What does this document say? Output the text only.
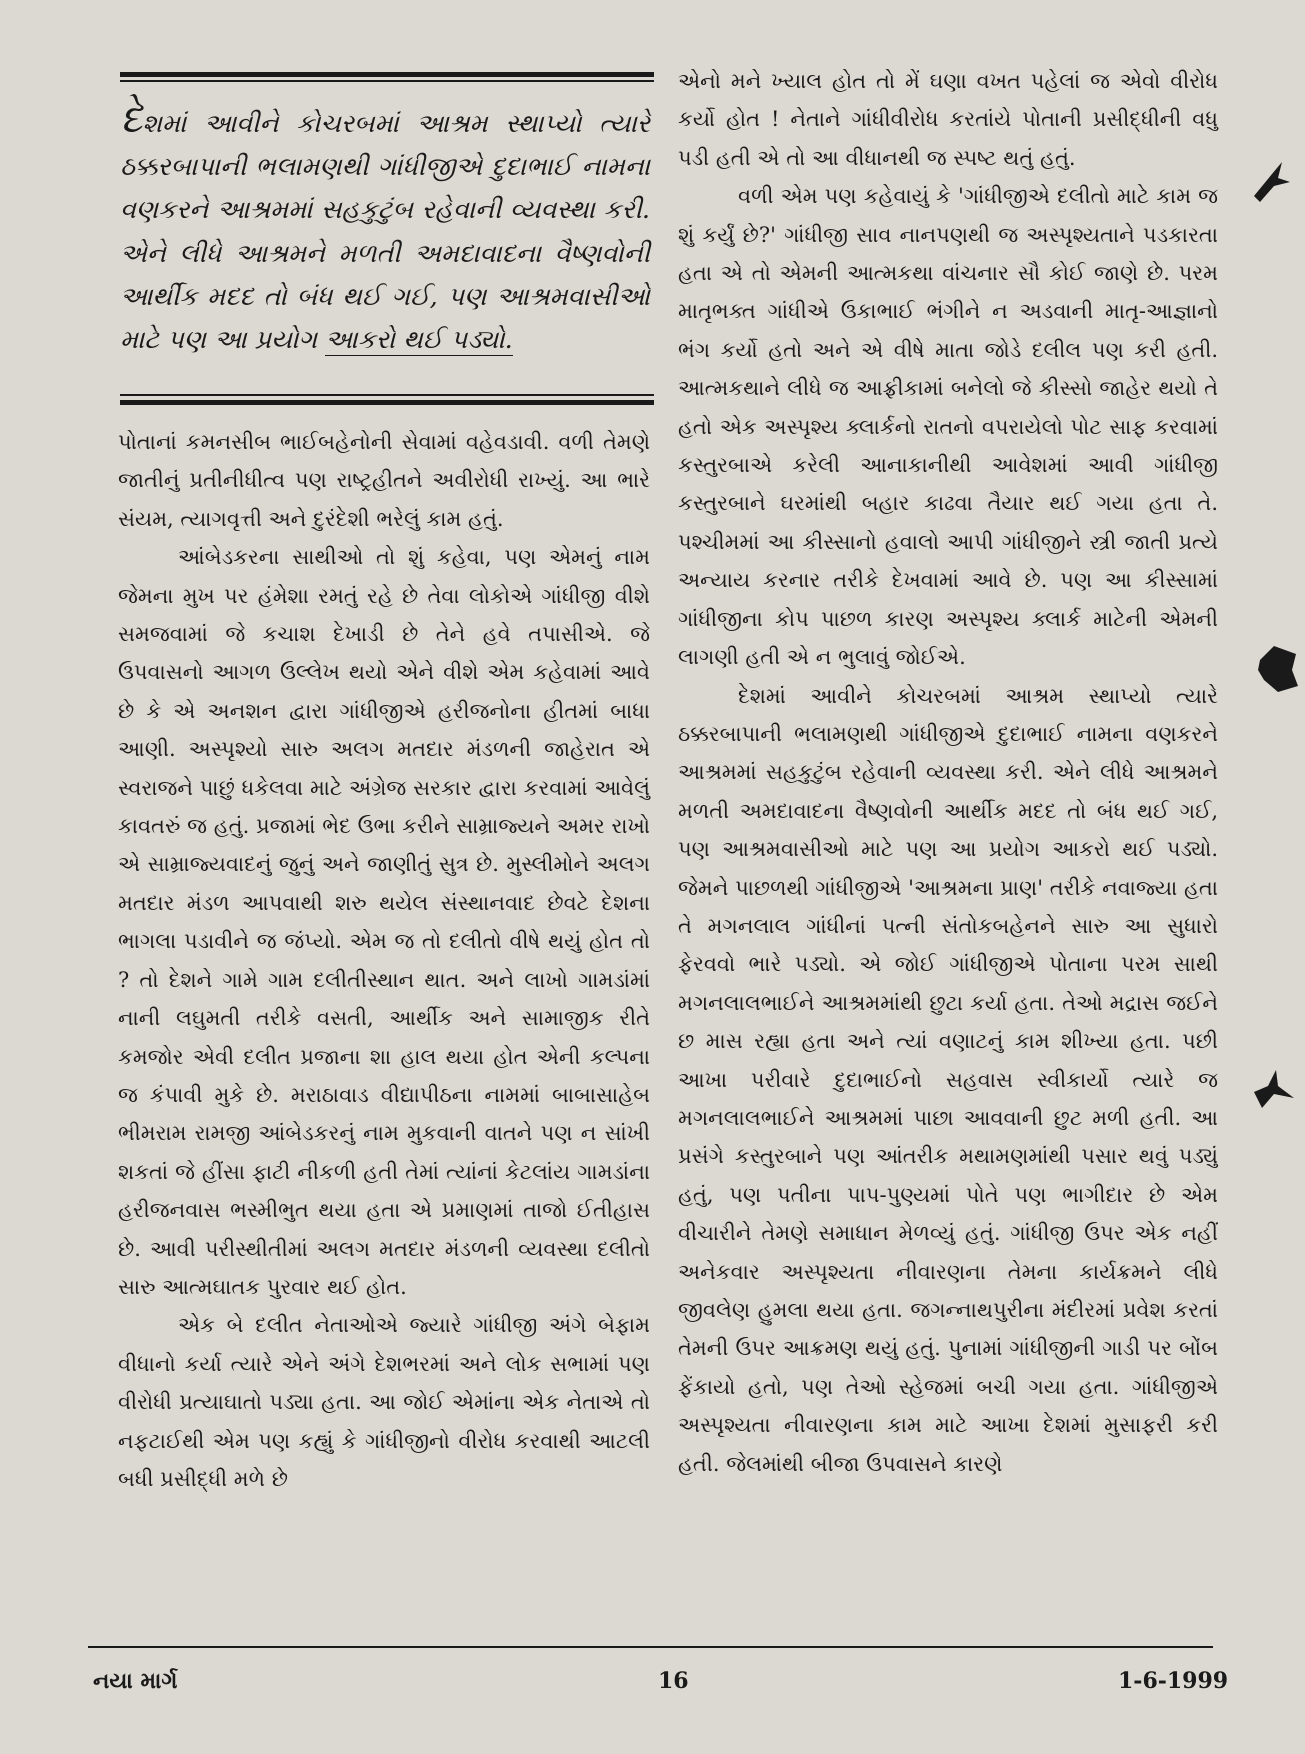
દેશમાં આવીને કોચરબમાં આશ્રમ સ્થાપ્યો ત્યારે ઠક્કરબાપાની ભલામણથી ગાંધીજીએ દુદાભાઈ નામના વણકરને આશ્રમમાં સહકુટુંબ રહેવાની વ્યવસ્થા કરી. એને લીધે આશ્રમને મળતી અમદાવાદના વૈષ્ણવોની આર્થીક મદદ તો બંધ થઈ ગઈ, પણ આશ્રમવાસીઓ માટે પણ આ પ્રયોગ આકરો થઈ પડ્યો.

પોતાનાં કમનસીબ ભાઈબહેનોની સેવામાં વહેવડાવી. વળી તેમણે જાતીનું પ્રતીનીધીત્વ પણ રાષ્ટ્રહીતને અવીરોધી રાખ્યું. આ ભારે સંયમ, ત્યાગવૃત્તી અને દુરંદેશી ભરેલું કામ હતું.

આંબેડકરના સાથીઓ તો શું કહેવા, પણ એમનું નામ જેમના મુખ પર હંમેશા રમતું રહે છે તેવા લોકોએ ગાંધીજી વીશે સમજવામાં જે કચાશ દેખાડી છે તેને હવે તપાસીએ. જે ઉપવાસનો આગળ ઉલ્લેખ થયો એને વીશે એમ કહેવામાં આવે છે કે એ અનશન દ્વારા ગાંધીજીએ હરીજનોના હીતમાં બાધા આણી. અસ્પૃશ્યો સારુ અલગ મતદાર મંડળની જાહેરાત એ સ્વરાજને પાછું ધકેલવા માટે અંગ્રેજ સરકાર દ્વારા કરવામાં આવેલું કાવતરું જ હતું. પ્રજામાં ભેદ ઉભા કરીને સામ્રાજ્યને અમર રાખો એ સામ્રાજ્યવાદનું જુનું અને જાણીતું સુત્ર છે. મુસ્લીમોને અલગ મતદાર મંડળ આપવાથી શરુ થયેલ સંસ્થાનવાદ છેવટે દેશના ભાગલા પડાવીને જ જંપ્યો. એમ જ તો દલીતો વીષે થયું હોત તો ? તો દેશને ગામે ગામ દલીતીસ્થાન થાત. અને લાખો ગામડાંમાં નાની લઘુમતી તરીકે વસતી, આર્થીક અને સામાજીક રીતે કમજોર એવી દલીત પ્રજાના શા હાલ થયા હોત એની કલ્પના જ કંપાવી મુકે છે. મરાઠાવાડ વીદ્યાપીઠના નામમાં બાબાસાહેબ ભીમરામ રામજી આંબેડકરનું નામ મુકવાની વાતને પણ ન સાંખી શકતાં જે હીંસા ફાટી નીકળી હતી તેમાં ત્યાંનાં કેટલાંય ગામડાંના હરીજનવાસ ભસ્મીભુત થયા હતા એ પ્રમાણમાં તાજો ઈતીહાસ છે. આવી પરીસ્થીતીમાં અલગ મતદાર મંડળની વ્યવસ્થા દલીતો સારુ આત્મઘાતક પુરવાર થઈ હોત.

એક બે દલીત નેતાઓએ જ્યારે ગાંધીજી અંગે બેફામ વીધાનો કર્યા ત્યારે એને અંગે દેશભરમાં અને લોક સભામાં પણ વીરોધી પ્રત્યાઘાતો પડ્યા હતા. આ જોઈ એમાંના એક નેતાએ તો નફટાઈથી એમ પણ કહ્યું કે ગાંધીજીનો વીરોધ કરવાથી આટલી બધી પ્રસીદ્ધી મળે છે

એનો મને ખ્યાલ હોત તો મેં ઘણા વખત પહેલાં જ એવો વીરોધ કર્યો હોત ! નેતાને ગાંધીવીરોધ કરતાંયે પોતાની પ્રસીદ્ધીની વધુ પડી હતી એ તો આ વીધાનથી જ સ્પષ્ટ થતું હતું.

વળી એમ પણ કહેવાયું કે 'ગાંધીજીએ દલીતો માટે કામ જ શું કર્યું છે?' ગાંધીજી સાવ નાનપણથી જ અસ્પૃશ્યતાને પડકારતા હતા એ તો એમની આત્મકથા વાંચનાર સૌ કોઈ જાણે છે. પરમ માતૃભક્ત ગાંધીએ ઉકાભાઈ ભંગીને ન અડવાની માતૃ-આજ્ઞાનો ભંગ કર્યો હતો અને એ વીષે માતા જોડે દલીલ પણ કરી હતી. આત્મકથાને લીધે જ આફ્રીકામાં બનેલો જે કીસ્સો જાહેર થયો તે હતો એક અસ્પૃશ્ય ક્લાર્કનો રાતનો વપરાયેલો પોટ સાફ કરવામાં કસ્તુરબાએ કરેલી આનાકાનીથી આવેશમાં આવી ગાંધીજી કસ્તુરબાને ઘરમાંથી બહાર કાઢવા તૈયાર થઈ ગયા હતા તે. પશ્ચીમમાં આ કીસ્સાનો હવાલો આપી ગાંધીજીને સ્ત્રી જાતી પ્રત્યે અન્યાય કરનાર તરીકે દેખવામાં આવે છે. પણ આ કીસ્સામાં ગાંધીજીના કોપ પાછળ કારણ અસ્પૃશ્ય ક્લાર્ક માટેની એમની લાગણી હતી એ ન ભુલાવું જોઈએ.

દેશમાં આવીને કોચરબમાં આશ્રમ સ્થાપ્યો ત્યારે ઠક્કરબાપાની ભલામણથી ગાંધીજીએ દુદાભાઈ નામના વણકરને આશ્રમમાં સહકુટુંબ રહેવાની વ્યવસ્થા કરી. એને લીધે આશ્રમને મળતી અમદાવાદના વૈષ્ણવોની આર્થીક મદદ તો બંધ થઈ ગઈ, પણ આશ્રમવાસીઓ માટે પણ આ પ્રયોગ આકરો થઈ પડ્યો. જેમને પાછળથી ગાંધીજીએ 'આશ્રમના પ્રાણ' તરીકે નવાજ્યા હતા તે મગનલાલ ગાંધીનાં પત્ની સંતોકબહેનને સારુ આ સુધારો ફેરવવો ભારે પડ્યો. એ જોઈ ગાંધીજીએ પોતાના પરમ સાથી મગનલાલભાઈને આશ્રમમાંથી છુટા કર્યા હતા. તેઓ મદ્રાસ જઈને છ માસ રહ્યા હતા અને ત્યાં વણાટનું કામ શીખ્યા હતા. પછી આખા પરીવારે દુદાભાઈનો સહવાસ સ્વીકાર્યો ત્યારે જ મગનલાલભાઈને આશ્રમમાં પાછા આવવાની છુટ મળી હતી. આ પ્રસંગે કસ્તુરબાને પણ આંતરીક મથામણમાંથી પસાર થવું પડ્યું હતું, પણ પતીના પાપ-પુણ્યમાં પોતે પણ ભાગીદાર છે એમ વીચારીને તેમણે સમાધાન મેળવ્યું હતું. ગાંધીજી ઉપર એક નહીં અનેકવાર અસ્પૃશ્યતા નીવારણના તેમના કાર્યક્રમને લીધે જીવલેણ હુમલા થયા હતા. જગન્નાથપુરીના મંદીરમાં પ્રવેશ કરતાં તેમની ઉપર આક્રમણ થયું હતું. પુનામાં ગાંધીજીની ગાડી પર બોંબ ફેંકાયો હતો, પણ તેઓ સ્હેજમાં બચી ગયા હતા. ગાંધીજીએ અસ્પૃશ્યતા નીવારણના કામ માટે આખા દેશમાં મુસાફરી કરી હતી. જેલમાંથી બીજા ઉપવાસને કારણે

નયા માર્ગ	16	1-6-1999
